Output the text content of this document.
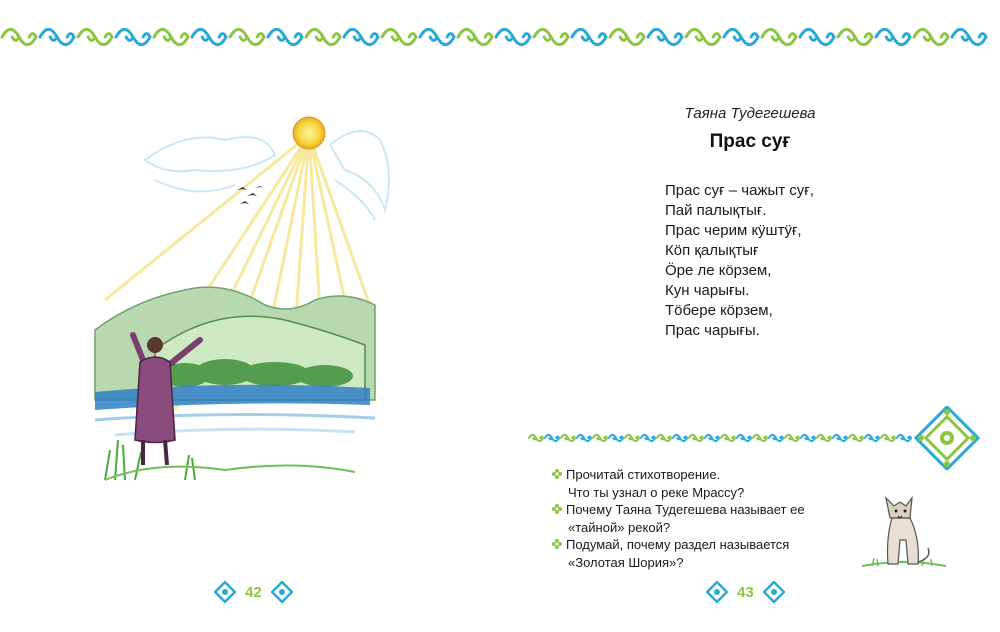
Таяна Тудегешева
Прас суғ
Прас суғ – чажыт суғ,
Пай палықтығ.
Прас черим кӱштӱғ,
Кӧп қалықтығ
Ӧре ле кӧрзем,
Кун чарығы.
Тӧбере кӧрзем,
Прас чарығы.
Прочитай стихотворение.
Что ты узнал о реке Мрассу?
Почему Таяна Тудегешева называет ее
«тайной» рекой?
Подумай, почему раздел называется
«Золотая Шория»?
42	43
